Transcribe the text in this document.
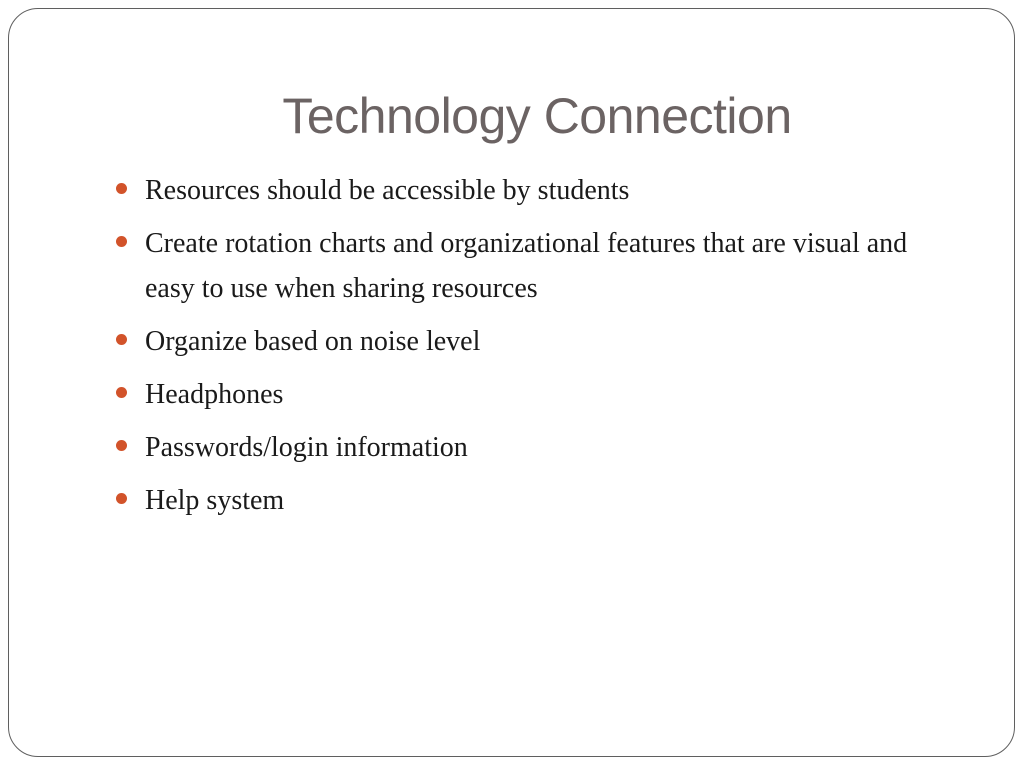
Technology Connection
Resources should be accessible by students
Create rotation charts and organizational features that are visual and easy to use when sharing resources
Organize based on noise level
Headphones
Passwords/login information
Help system
